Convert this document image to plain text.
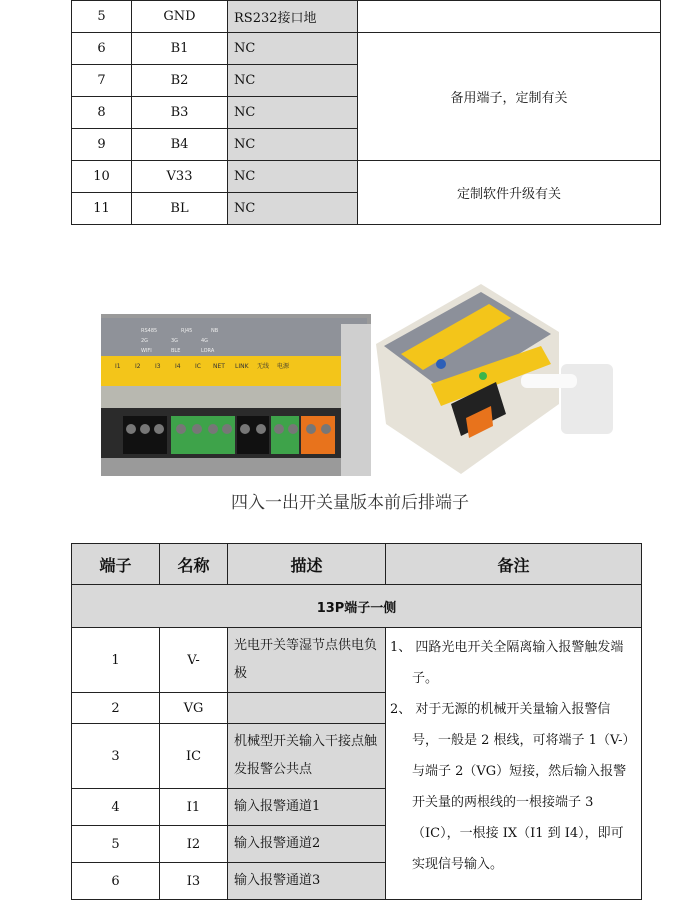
5	GND	RS232接口地	
6	B1	NC	备用端子，定制有关
7	B2	NC	
8	B3	NC	
9	B4	NC	
10	V33	NC	定制软件升级有关
11	BL	NC	
I1 I2 I3 I4 IC NET LINK 无线 电源
RS485	RJ45	NB
2G	3G	4G
WIFI	BLE	LORA
四入一出开关量版本前后排端子
端子	名称	描述	备注
13P端子一侧			
1	V-	光电开关等湿节点供电负极	1、 四路光电开关全隔离输入报警触发端子。
2、 对于无源的机械开关量输入报警信号，一般是 2 根线，可将端子 1（V-）与端子 2（VG）短接，然后输入报警开关量的两根线的一根接端子 3（IC），一根接 IX（I1 到 I4），即可实现信号输入。

2	VG		
3	IC	机械型开关输入干接点触发报警公共点	
4	I1	输入报警通道1	
5	I2	输入报警通道2	
6	I3	输入报警通道3	
